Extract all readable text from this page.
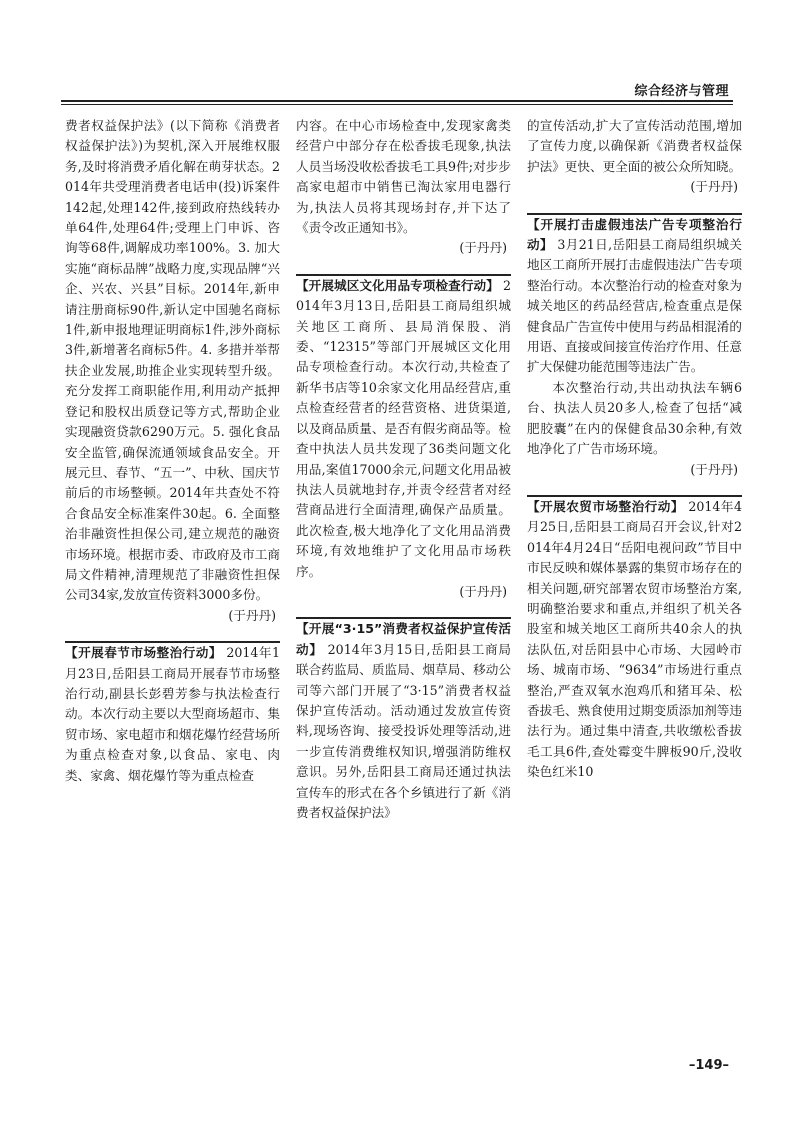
综合经济与管理

费者权益保护法》(以下简称《消费者权益保护法》)为契机,深入开展维权服务,及时将消费矛盾化解在萌芽状态。2014年共受理消费者电话申(投)诉案件142起,处理142件,接到政府热线转办单64件,处理64件;受理上门申诉、咨询等68件,调解成功率100%。3. 加大实施“商标品牌”战略力度,实现品牌“兴企、兴农、兴县”目标。2014年,新申请注册商标90件,新认定中国驰名商标1件,新申报地理证明商标1件,涉外商标3件,新增著名商标5件。4. 多措并举帮扶企业发展,助推企业实现转型升级。充分发挥工商职能作用,利用动产抵押登记和股权出质登记等方式,帮助企业实现融资贷款6290万元。5. 强化食品安全监管,确保流通领域食品安全。开展元旦、春节、“五一”、中秋、国庆节前后的市场整顿。2014年共查处不符合食品安全标准案件30起。6. 全面整治非融资性担保公司,建立规范的融资市场环境。根据市委、市政府及市工商局文件精神,清理规范了非融资性担保公司34家,发放宣传资料3000多份。

(于丹丹)

【开展春节市场整治行动】 2014年1月23日,岳阳县工商局开展春节市场整治行动,副县长彭碧芳参与执法检查行动。本次行动主要以大型商场超市、集贸市场、家电超市和烟花爆竹经营场所为重点检查对象,以食品、家电、肉类、家禽、烟花爆竹等为重点检查

内容。在中心市场检查中,发现家禽类经营户中部分存在松香拔毛现象,执法人员当场没收松香拔毛工具9件;对步步高家电超市中销售已淘汰家用电器行为,执法人员将其现场封存,并下达了《责令改正通知书》。

(于丹丹)

【开展城区文化用品专项检查行动】 2014年3月13日,岳阳县工商局组织城关地区工商所、县局消保股、消委、“12315”等部门开展城区文化用品专项检查行动。本次行动,共检查了新华书店等10余家文化用品经营店,重点检查经营者的经营资格、进货渠道,以及商品质量、是否有假劣商品等。检查中执法人员共发现了36类问题文化用品,案值17000余元,问题文化用品被执法人员就地封存,并责令经营者对经营商品进行全面清理,确保产品质量。此次检查,极大地净化了文化用品消费环境,有效地维护了文化用品市场秩序。

(于丹丹)

【开展“3·15”消费者权益保护宣传活动】 2014年3月15日,岳阳县工商局联合药监局、质监局、烟草局、移动公司等六部门开展了“3·15”消费者权益保护宣传活动。活动通过发放宣传资料,现场咨询、接受投诉处理等活动,进一步宣传消费维权知识,增强消防维权意识。另外,岳阳县工商局还通过执法宣传车的形式在各个乡镇进行了新《消费者权益保护法》

的宣传活动,扩大了宣传活动范围,增加了宣传力度,以确保新《消费者权益保护法》更快、更全面的被公众所知晓。

(于丹丹)

【开展打击虚假违法广告专项整治行动】 3月21日,岳阳县工商局组织城关地区工商所开展打击虚假违法广告专项整治行动。本次整治行动的检查对象为城关地区的药品经营店,检查重点是保健食品广告宣传中使用与药品相混淆的用语、直接或间接宣传治疗作用、任意扩大保健功能范围等违法广告。

本次整治行动,共出动执法车辆6台、执法人员20多人,检查了包括“减肥胶囊”在内的保健食品30余种,有效地净化了广告市场环境。

(于丹丹)

【开展农贸市场整治行动】 2014年4月25日,岳阳县工商局召开会议,针对2014年4月24日“岳阳电视问政”节目中市民反映和媒体暴露的集贸市场存在的相关问题,研究部署农贸市场整治方案,明确整治要求和重点,并组织了机关各股室和城关地区工商所共40余人的执法队伍,对岳阳县中心市场、大园岭市场、城南市场、“9634”市场进行重点整治,严查双氧水泡鸡爪和猪耳朵、松香拔毛、熟食使用过期变质添加剂等违法行为。通过集中清查,共收缴松香拔毛工具6件,查处霉变牛脾板90斤,没收染色红米10

–149–
